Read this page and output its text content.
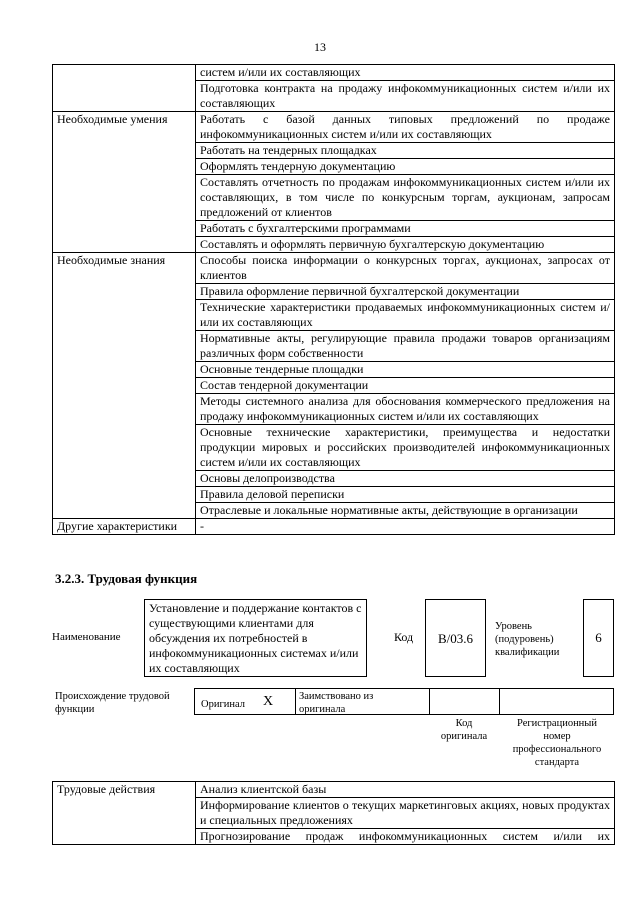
13
	систем и/или их составляющих
	Подготовка контракта на продажу инфокоммуникационных систем и/или их составляющих
Необходимые умения	Работать с базой данных типовых предложений по продаже инфокоммуникационных систем и/или их составляющих
	Работать на тендерных площадках
	Оформлять тендерную документацию
	Составлять отчетность по продажам инфокоммуникационных систем и/или их составляющих, в том числе по конкурсным торгам, аукционам, запросам предложений от клиентов
	Работать с бухгалтерскими программами
	Составлять и оформлять первичную бухгалтерскую документацию
Необходимые знания	Способы поиска информации о конкурсных торгах, аукционах, запросах от клиентов
	Правила оформление первичной бухгалтерской документации
	Технические характеристики продаваемых инфокоммуникационных систем и/или их составляющих
	Нормативные акты, регулирующие правила продажи товаров организациям различных форм собственности
	Основные тендерные площадки
	Состав тендерной документации
	Методы системного анализа для обоснования коммерческого предложения на продажу инфокоммуникационных систем и/или их составляющих
	Основные технические характеристики, преимущества и недостатки продукции мировых и российских производителей инфокоммуникационных систем и/или их составляющих
	Основы делопроизводства
	Правила деловой переписки
	Отраслевые и локальные нормативные акты, действующие в организации
Другие характеристики	-
3.2.3. Трудовая функция
Наименование
Установление и поддержание контактов с существующими клиентами для обсуждения их потребностей в инфокоммуникационных системах и/или их составляющих
Код	B/03.6
Уровень (подуровень) квалификации
6
Происхождение трудовой функции	Оригинал X Заимствовано из оригинала
Код оригинала
Регистрационный номер профессионального стандарта
Трудовые действия	Анализ клиентской базы
Информирование клиентов о текущих маркетинговых акциях, новых продуктах и специальных предложениях
Прогнозирование продаж инфокоммуникационных систем и/или их
